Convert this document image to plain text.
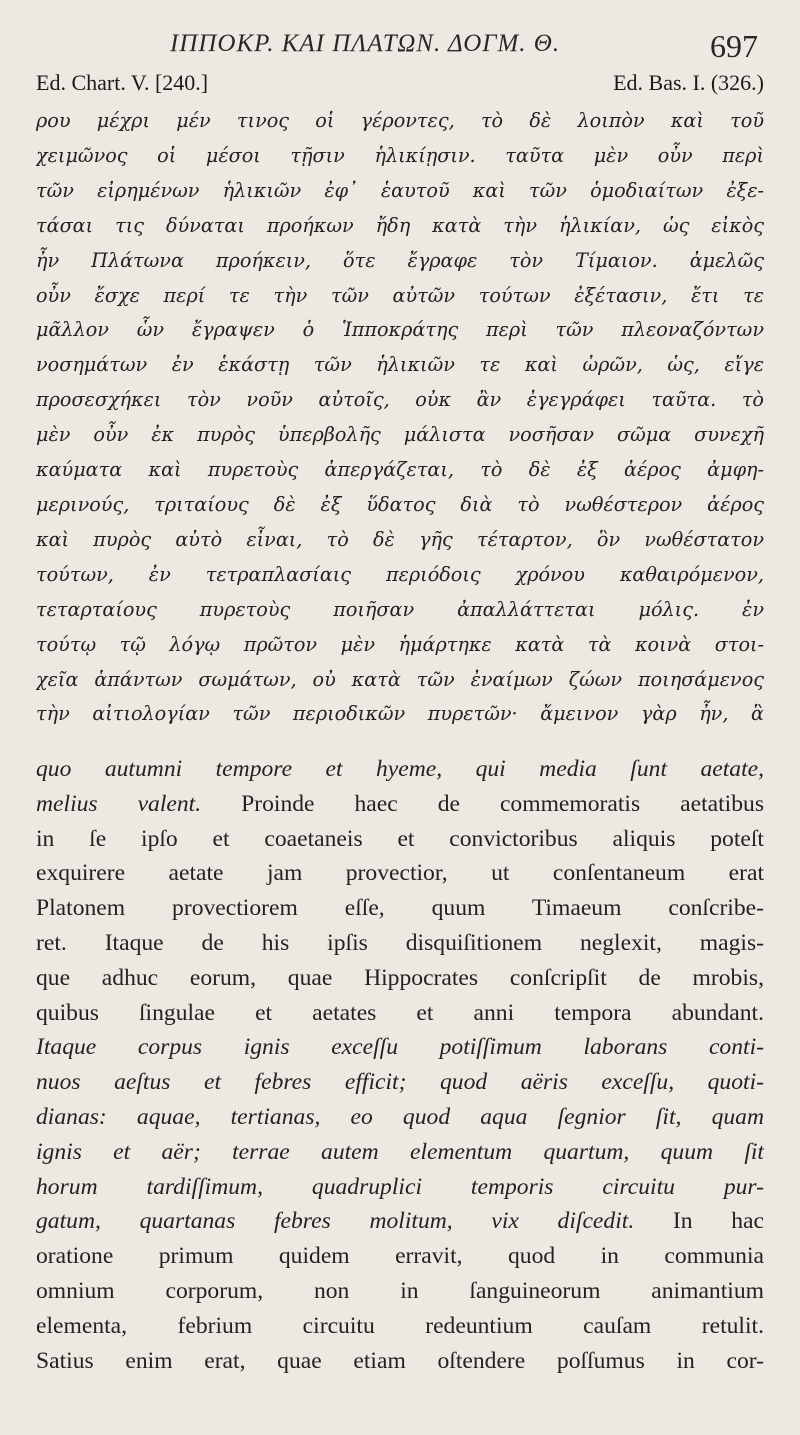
ΙΠΠΟΚΡ. ΚΑΙ ΠΛΑΤΩΝ. ΔΟΓΜ. Θ.	697
Ed. Chart. V. [240.]	Ed. Bas. I. (326.)
ρου μέχρι μέν τινος οἱ γέροντες, τὸ δὲ λοιπὸν καὶ τοῦ
χειμῶνος οἱ μέσοι τῇσιν ἡλικίῃσιν. ταῦτα μὲν οὖν περὶ
τῶν εἰρημένων ἡλικιῶν ἐφ᾽ ἑαυτοῦ καὶ τῶν ὁμοδιαίτων ἐξε-
τάσαι τις δύναται προήκων ἤδη κατὰ τὴν ἡλικίαν, ὡς εἰκὸς
ἦν Πλάτωνα προήκειν, ὅτε ἔγραφε τὸν Τίμαιον. ἀμελῶς
οὖν ἔσχε περί τε τὴν τῶν αὐτῶν τούτων ἐξέτασιν, ἔτι τε
μᾶλλον ὧν ἔγραψεν ὁ Ἱπποκράτης περὶ τῶν πλεοναζόντων
νοσημάτων ἐν ἑκάστῃ τῶν ἡλικιῶν τε καὶ ὡρῶν, ὡς, εἴγε
προσεσχήκει τὸν νοῦν αὐτοῖς, οὐκ ἂν ἐγεγράφει ταῦτα. τὸ
μὲν οὖν ἐκ πυρὸς ὑπερβολῆς μάλιστα νοσῆσαν σῶμα συνεχῆ
καύματα καὶ πυρετοὺς ἀπεργάζεται, τὸ δὲ ἐξ ἀέρος ἀμφη-
μερινούς, τριταίους δὲ ἐξ ὕδατος διὰ τὸ νωθέστερον ἀέρος
καὶ πυρὸς αὐτὸ εἶναι, τὸ δὲ γῆς τέταρτον, ὃν νωθέστατον
τούτων, ἐν τετραπλασίαις περιόδοις χρόνου καθαιρόμενον,
τεταρταίους πυρετοὺς ποιῆσαν ἀπαλλάττεται μόλις. ἐν
τούτῳ τῷ λόγῳ πρῶτον μὲν ἡμάρτηκε κατὰ τὰ κοινὰ στοι-
χεῖα ἁπάντων σωμάτων, οὐ κατὰ τῶν ἐναίμων ζώων ποιησάμενος
τὴν αἰτιολογίαν τῶν περιοδικῶν πυρετῶν· ἄμεινον γὰρ ἦν, ἃ
quo autumni tempore et hyeme, qui media ſunt aetate,
melius valent. Proinde haec de commemoratis aetatibus
in ſe ipſo et coaetaneis et convictoribus aliquis poteſt
exquirere aetate jam provectior, ut conſentaneum erat
Platonem provectiorem eſſe, quum Timaeum conſcribe-
ret. Itaque de his ipſis disquiſitionem neglexit, magis-
que adhuc eorum, quae Hippocrates conſcripſit de mrobis,
quibus ſingulae et aetates et anni tempora abundant.
Itaque corpus ignis exceſſu potiſſimum laborans conti-
nuos aeſtus et febres efficit; quod aëris exceſſu, quoti-
dianas: aquae, tertianas, eo quod aqua ſegnior ſit, quam
ignis et aër; terrae autem elementum quartum, quum ſit
horum tardiſſimum, quadruplici temporis circuitu pur-
gatum, quartanas febres molitum, vix diſcedit. In hac
oratione primum quidem erravit, quod in communia
omnium corporum, non in ſanguineorum animantium
elementa, febrium circuitu redeuntium cauſam retulit.
Satius enim erat, quae etiam oſtendere poſſumus in cor-
